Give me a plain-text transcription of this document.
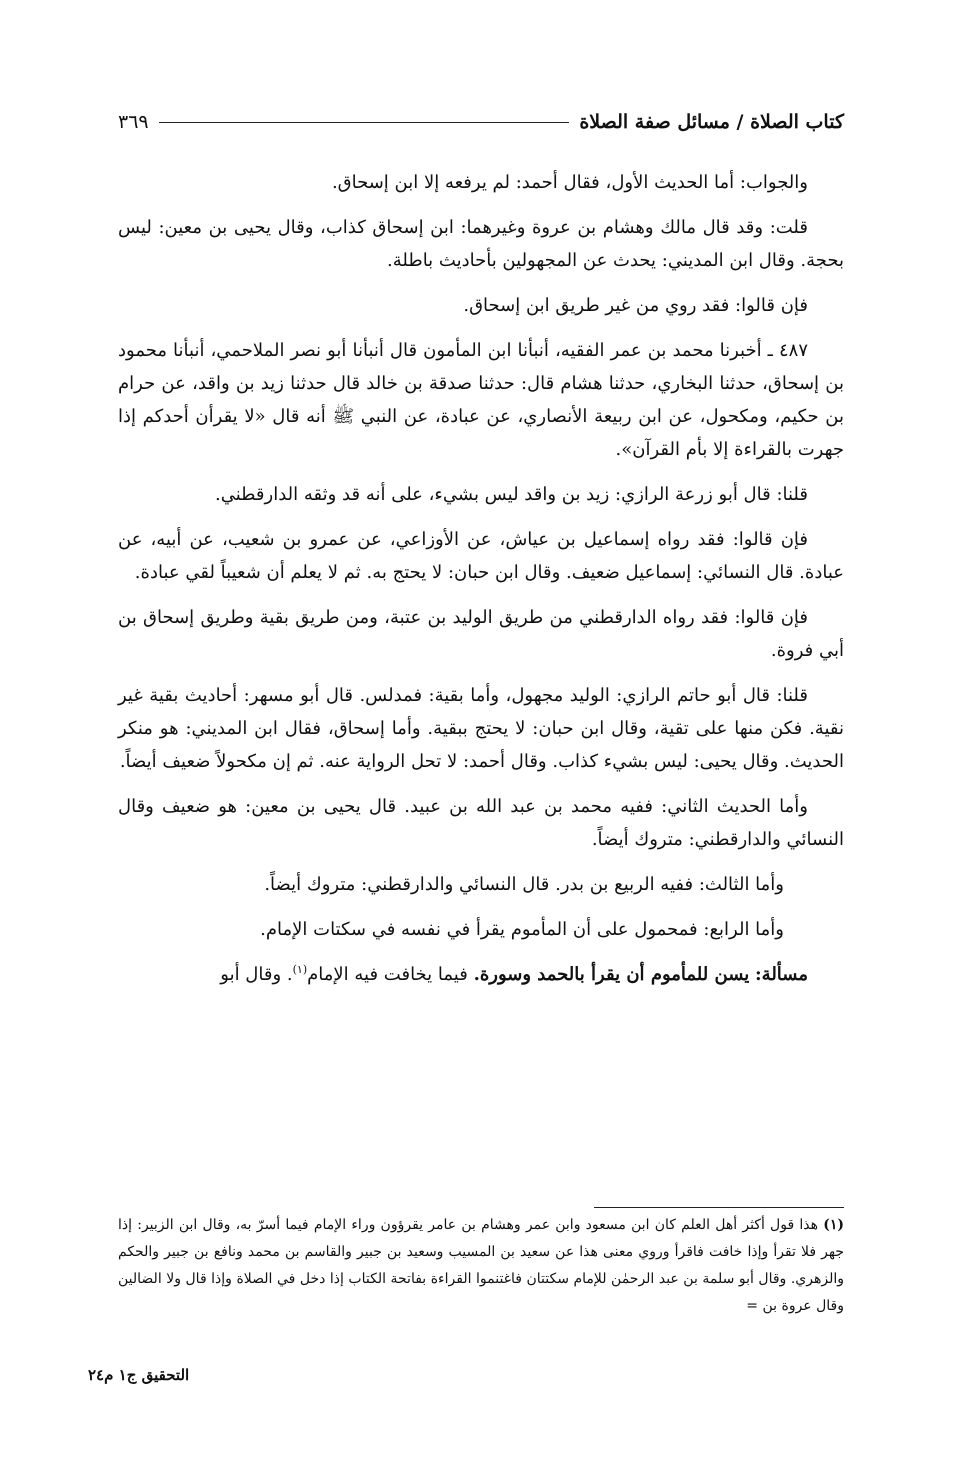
كتاب الصلاة / مسائل صفة الصلاة
٣٦٩

والجواب: أما الحديث الأول، فقال أحمد: لم يرفعه إلا ابن إسحاق.

قلت: وقد قال مالك وهشام بن عروة وغيرهما: ابن إسحاق كذاب، وقال يحيى بن معين: ليس بحجة. وقال ابن المديني: يحدث عن المجهولين بأحاديث باطلة.

فإن قالوا: فقد روي من غير طريق ابن إسحاق.

٤٨٧ ـ أخبرنا محمد بن عمر الفقيه، أنبأنا ابن المأمون قال أنبأنا أبو نصر الملاحمي، أنبأنا محمود بن إسحاق، حدثنا البخاري، حدثنا هشام قال: حدثنا صدقة بن خالد قال حدثنا زيد بن واقد، عن حرام بن حكيم، ومكحول، عن ابن ربيعة الأنصاري، عن عبادة، عن النبي ﷺ أنه قال «لا يقرأن أحدكم إذا جهرت بالقراءة إلا بأم القرآن».

قلنا: قال أبو زرعة الرازي: زيد بن واقد ليس بشيء، على أنه قد وثقه الدارقطني.

فإن قالوا: فقد رواه إسماعيل بن عياش، عن الأوزاعي، عن عمرو بن شعيب، عن أبيه، عن عبادة. قال النسائي: إسماعيل ضعيف. وقال ابن حبان: لا يحتج به. ثم لا يعلم أن شعيباً لقي عبادة.

فإن قالوا: فقد رواه الدارقطني من طريق الوليد بن عتبة، ومن طريق بقية وطريق إسحاق بن أبي فروة.

قلنا: قال أبو حاتم الرازي: الوليد مجهول، وأما بقية: فمدلس. قال أبو مسهر: أحاديث بقية غير نقية. فكن منها على تقية، وقال ابن حبان: لا يحتج ببقية. وأما إسحاق، فقال ابن المديني: هو منكر الحديث. وقال يحيى: ليس بشيء كذاب. وقال أحمد: لا تحل الرواية عنه. ثم إن مكحولاً ضعيف أيضاً.

وأما الحديث الثاني: ففيه محمد بن عبد الله بن عبيد. قال يحيى بن معين: هو ضعيف وقال النسائي والدارقطني: متروك أيضاً.

وأما الثالث: ففيه الربيع بن بدر. قال النسائي والدارقطني: متروك أيضاً.

وأما الرابع: فمحمول على أن المأموم يقرأ في نفسه في سكتات الإمام.

مسألة: يسن للمأموم أن يقرأ بالحمد وسورة. فيما يخافت فيه الإمام$^{(١)}$. وقال أبو

(١) هذا قول أكثر أهل العلم كان ابن مسعود وابن عمر وهشام بن عامر يقرؤون وراء الإمام فيما أسرّ به، وقال ابن الزبير: إذا جهر فلا تقرأ وإذا خافت فاقرأ وروي معنى هذا عن سعيد بن المسيب وسعيد بن جبير والقاسم بن محمد ونافع بن جبير والحكم والزهري. وقال أبو سلمة بن عبد الرحمٰن للإمام سكتتان فاغتنموا القراءة بفاتحة الكتاب إذا دخل في الصلاة وإذا قال ولا الضالين وقال عروة بن =
التحقيق ج١ م٢٤
